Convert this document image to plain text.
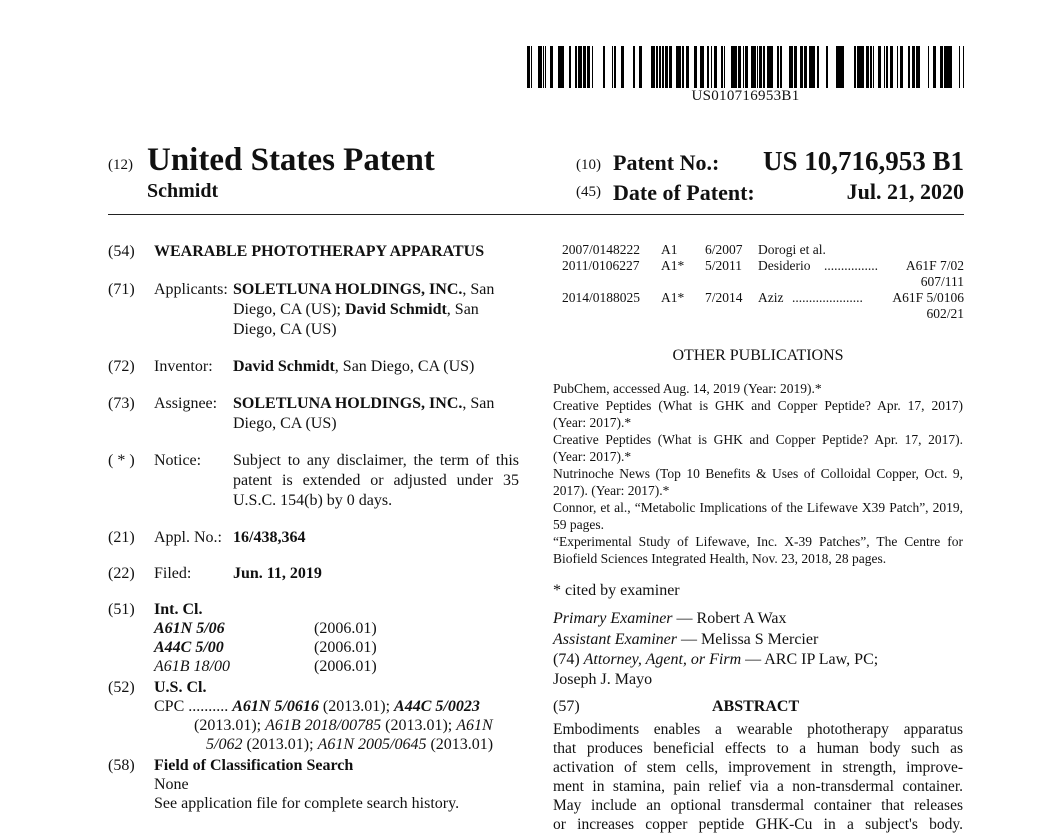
US010716953B1
(12) United States Patent
Schmidt
(10) Patent No.: US 10,716,953 B1
(45) Date of Patent:	Jul. 21, 2020
(54) WEARABLE PHOTOTHERAPY APPARATUS
(71) Applicants: SOLETLUNA HOLDINGS, INC., San
Diego, CA (US); David Schmidt, San
Diego, CA (US)
(72) Inventor: David Schmidt, San Diego, CA (US)
(73) Assignee: SOLETLUNA HOLDINGS, INC., San
Diego, CA (US)
( * ) Notice: Subject to any disclaimer, the term of this
patent is extended or adjusted under 35
U.S.C. 154(b) by 0 days.
(21) Appl. No.: 16/438,364
(22) Filed:	Jun. 11, 2019
(51) Int. Cl.
A61N 5/06	(2006.01)
A44C 5/00	(2006.01)
A61B 18/00	(2006.01)
(52) U.S. Cl.
CPC .......... A61N 5/0616 (2013.01); A44C 5/0023
(2013.01); A61B 2018/00785 (2013.01); A61N
5/062 (2013.01); A61N 2005/0645 (2013.01)
(58) Field of Classification Search
None
See application file for complete search history.
2007/0148222 A1 6/2007 Dorogi et al.
2011/0106227 A1* 5/2011 Desiderio ................ A61F 7/02
607/111
2014/0188025 A1* 7/2014 Aziz ..................... A61F 5/0106
602/21
OTHER PUBLICATIONS
PubChem, accessed Aug. 14, 2019 (Year: 2019).*
Creative Peptides (What is GHK and Copper Peptide? Apr. 17, 2017) (Year: 2017).*
Creative Peptides (What is GHK and Copper Peptide? Apr. 17, 2017). (Year: 2017).*
Nutrinoche News (Top 10 Benefits & Uses of Colloidal Copper, Oct. 9, 2017). (Year: 2017).*
Connor, et al., “Metabolic Implications of the Lifewave X39 Patch”, 2019, 59 pages.
“Experimental Study of Lifewave, Inc. X-39 Patches”, The Centre for Biofield Sciences Integrated Health, Nov. 23, 2018, 28 pages.
* cited by examiner
Primary Examiner — Robert A Wax
Assistant Examiner — Melissa S Mercier
(74) Attorney, Agent, or Firm — ARC IP Law, PC;
Joseph J. Mayo
(57)	ABSTRACT
Embodiments enables a wearable phototherapy apparatus
that produces beneficial effects to a human body such as
activation of stem cells, improvement in strength, improve-
ment in stamina, pain relief via a non-transdermal container.
May include an optional transdermal container that releases
or increases copper peptide GHK-Cu in a subject's body.
